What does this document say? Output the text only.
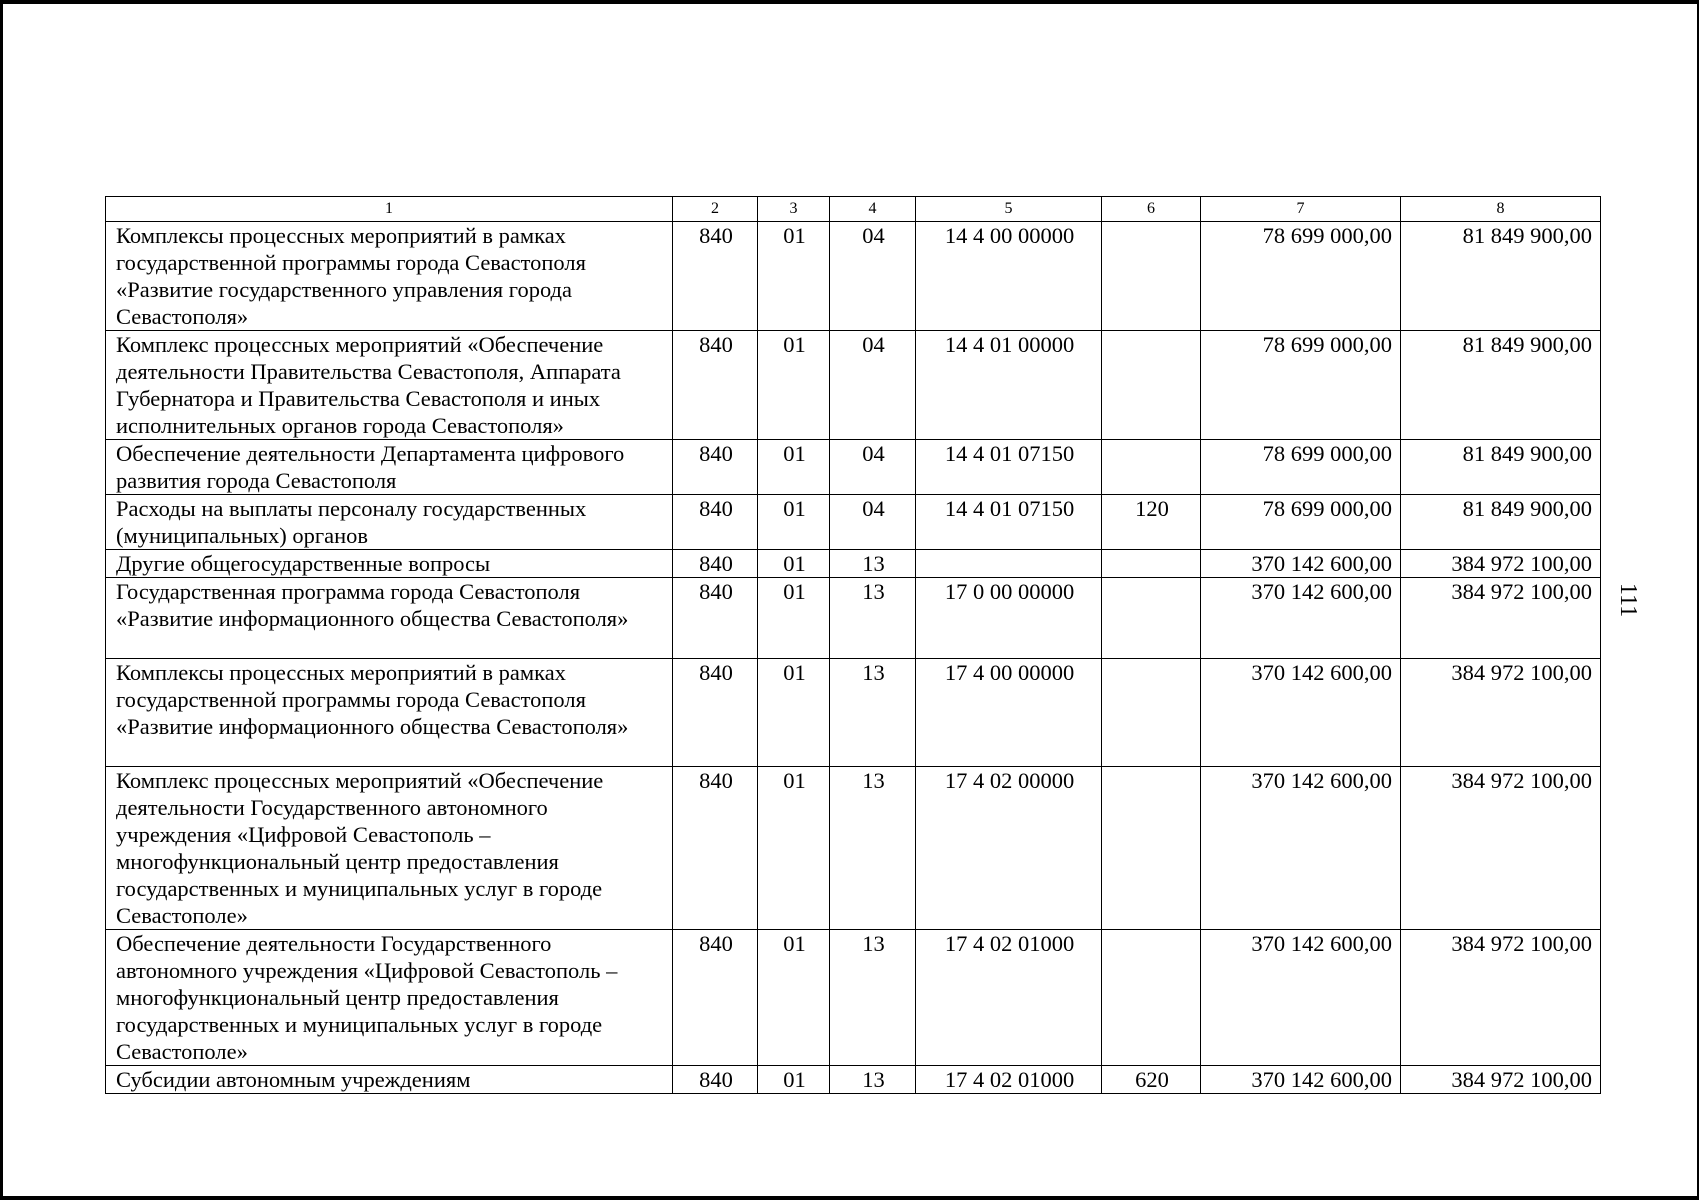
111
1	2	3	4	5	6	7	8
Комплексы процессных мероприятий в рамках государственной программы города Севастополя «Развитие государственного управления города Севастополя»	840	01	04	14 4 00 00000		78 699 000,00	81 849 900,00
Комплекс процессных мероприятий «Обеспечение деятельности Правительства Севастополя, Аппарата Губернатора и Правительства Севастополя и иных исполнительных органов города Севастополя»	840	01	04	14 4 01 00000		78 699 000,00	81 849 900,00
Обеспечение деятельности Департамента цифрового развития города Севастополя	840	01	04	14 4 01 07150		78 699 000,00	81 849 900,00
Расходы на выплаты персоналу государственных (муниципальных) органов	840	01	04	14 4 01 07150	120	78 699 000,00	81 849 900,00
Другие общегосударственные вопросы	840	01	13			370 142 600,00	384 972 100,00
Государственная программа города Севастополя «Развитие информационного общества Севастополя»	840	01	13	17 0 00 00000		370 142 600,00	384 972 100,00
Комплексы процессных мероприятий в рамках государственной программы города Севастополя «Развитие информационного общества Севастополя»	840	01	13	17 4 00 00000		370 142 600,00	384 972 100,00
Комплекс процессных мероприятий «Обеспечение деятельности Государственного автономного учреждения «Цифровой Севастополь – многофункциональный центр предоставления государственных и муниципальных услуг в городе Севастополе»	840	01	13	17 4 02 00000		370 142 600,00	384 972 100,00
Обеспечение деятельности Государственного автономного учреждения «Цифровой Севастополь – многофункциональный центр предоставления государственных и муниципальных услуг в городе Севастополе»	840	01	13	17 4 02 01000		370 142 600,00	384 972 100,00
Субсидии автономным учреждениям	840	01	13	17 4 02 01000	620	370 142 600,00	384 972 100,00
